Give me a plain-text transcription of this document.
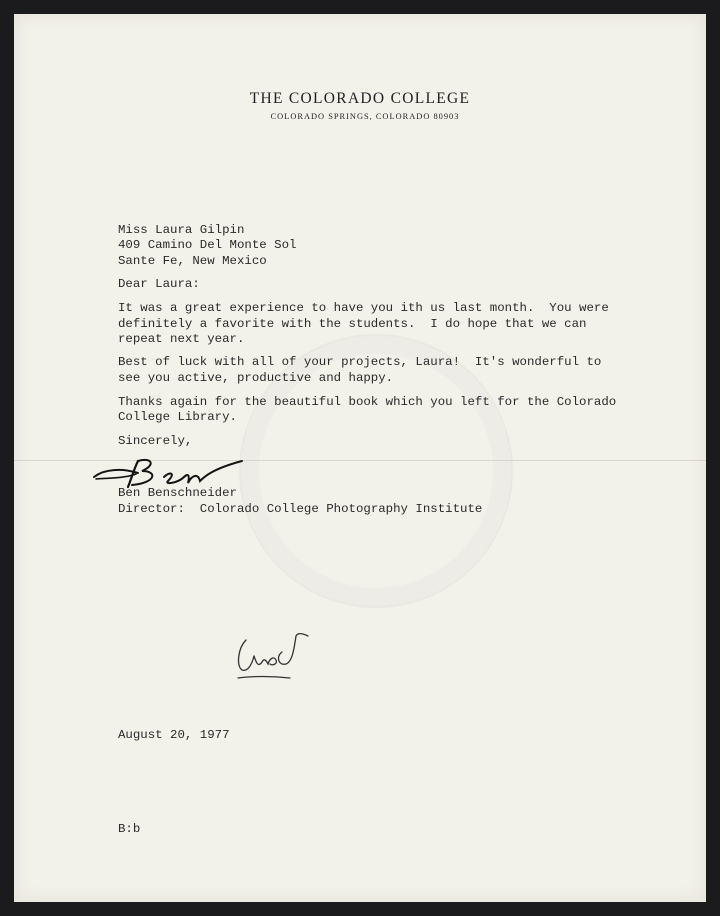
THE COLORADO COLLEGE
COLORADO SPRINGS, COLORADO 80903
Miss Laura Gilpin
409 Camino Del Monte Sol
Sante Fe, New Mexico
Dear Laura:
It was a great experience to have you ith us last month.  You were
definitely a favorite with the students.  I do hope that we can
repeat next year.
Best of luck with all of your projects, Laura!  It's wonderful to
see you active, productive and happy.
Thanks again for the beautiful book which you left for the Colorado
College Library.
Sincerely,
Ben Benschneider
Director: Colorado College Photography Institute
August 20, 1977
B:b
